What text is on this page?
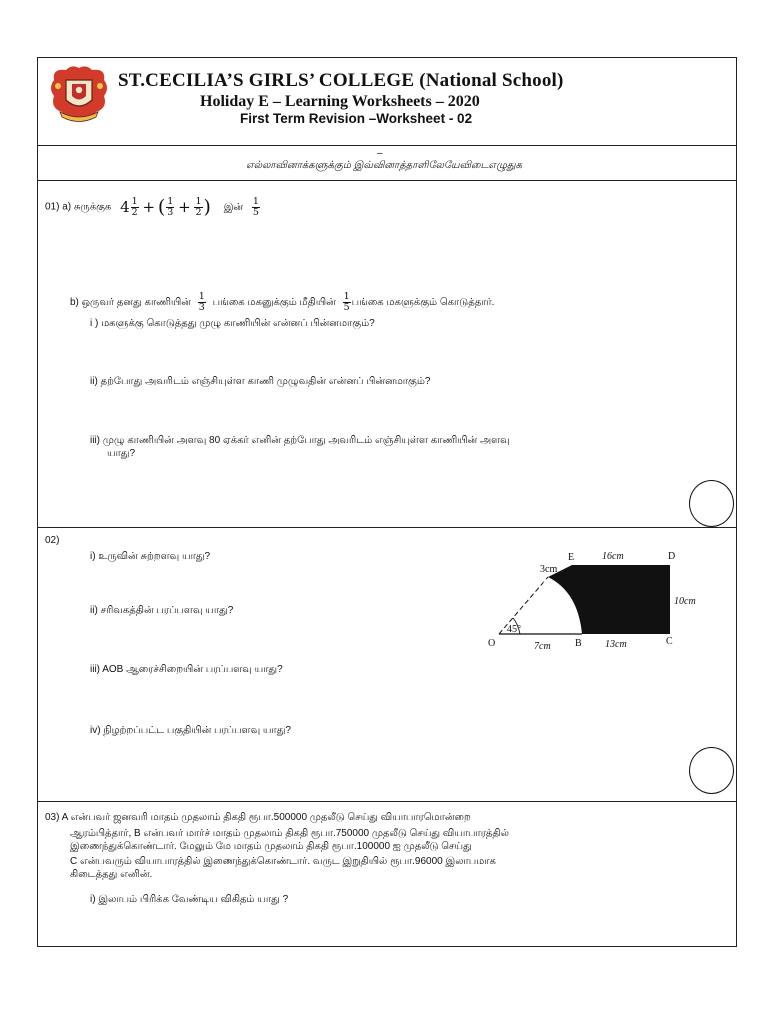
ST.CECILIA’S GIRLS’ COLLEGE (National School)
Holiday E – Learning Worksheets – 2020
First Term Revision –Worksheet - 02
–
எல்லாவினாக்களுக்கும் இவ்வினாத்தாளிலேயேவிடைஎழுதுக
01) a) சுருக்குக $4 \frac{1}{2}$ + ( $\frac{1}{3} + \frac{1}{2}$ ) இன் $\frac{1}{5}$
b) ஒருவர் தனது காணியின் $\frac{1}{3}$ பங்கை மகனுக்கும் மீதியின் $\frac{1}{5}$ பங்கை மகளுக்கும் கொடுத்தார்.
i ) மகளுக்கு கொடுத்தது முழு காணியின் என்னப் பின்னமாகும்?
ii) தற்போது அவரிடம் எஞ்சியுள்ள காணி முழுவதின் என்னப் பின்னமாகும்?
iii) முழு காணியின் அளவு 80 ஏக்கர் எனின் தற்போது அவரிடம் எஞ்சியுள்ள காணியின் அளவு
யாது?
02)
i) உருவின் சுற்றளவு யாது?
ii) சரிவகத்தின் பரப்பளவு யாது?
iii) AOB ஆரைச்சிறையின் பரப்பளவு யாது?
iv) நிழற்றப்பட்ட பகுதியின் பரப்பளவு யாது?
E	D
16cm
3cm
A
10cm
45°
O	7cm B 13cm	C
03) A என்பவர் ஜனவரி மாதம் முதலாம் திகதி ரூபா.500000 முதலீடு செய்து வியாபாரமொன்றை
ஆரம்பித்தார், B என்பவர் மார்ச் மாதம் முதலாம் திகதி ரூபா.750000 முதலீடு செய்து வியாபாரத்தில்
இணைந்துக்கொண்டார். மேலும் மே மாதம் முதலாம் திகதி ரூபா.100000 ஐ முதலீடு செய்து
C என்பவரும் வியாபாரத்தில் இணைந்துக்கொண்டார். வருட இறுதியில் ரூபா.96000 இலாபமாக
கிடைத்தது எனின்.
i) இலாபம் பிரிக்க வேண்டிய விகிதம் யாது ?
